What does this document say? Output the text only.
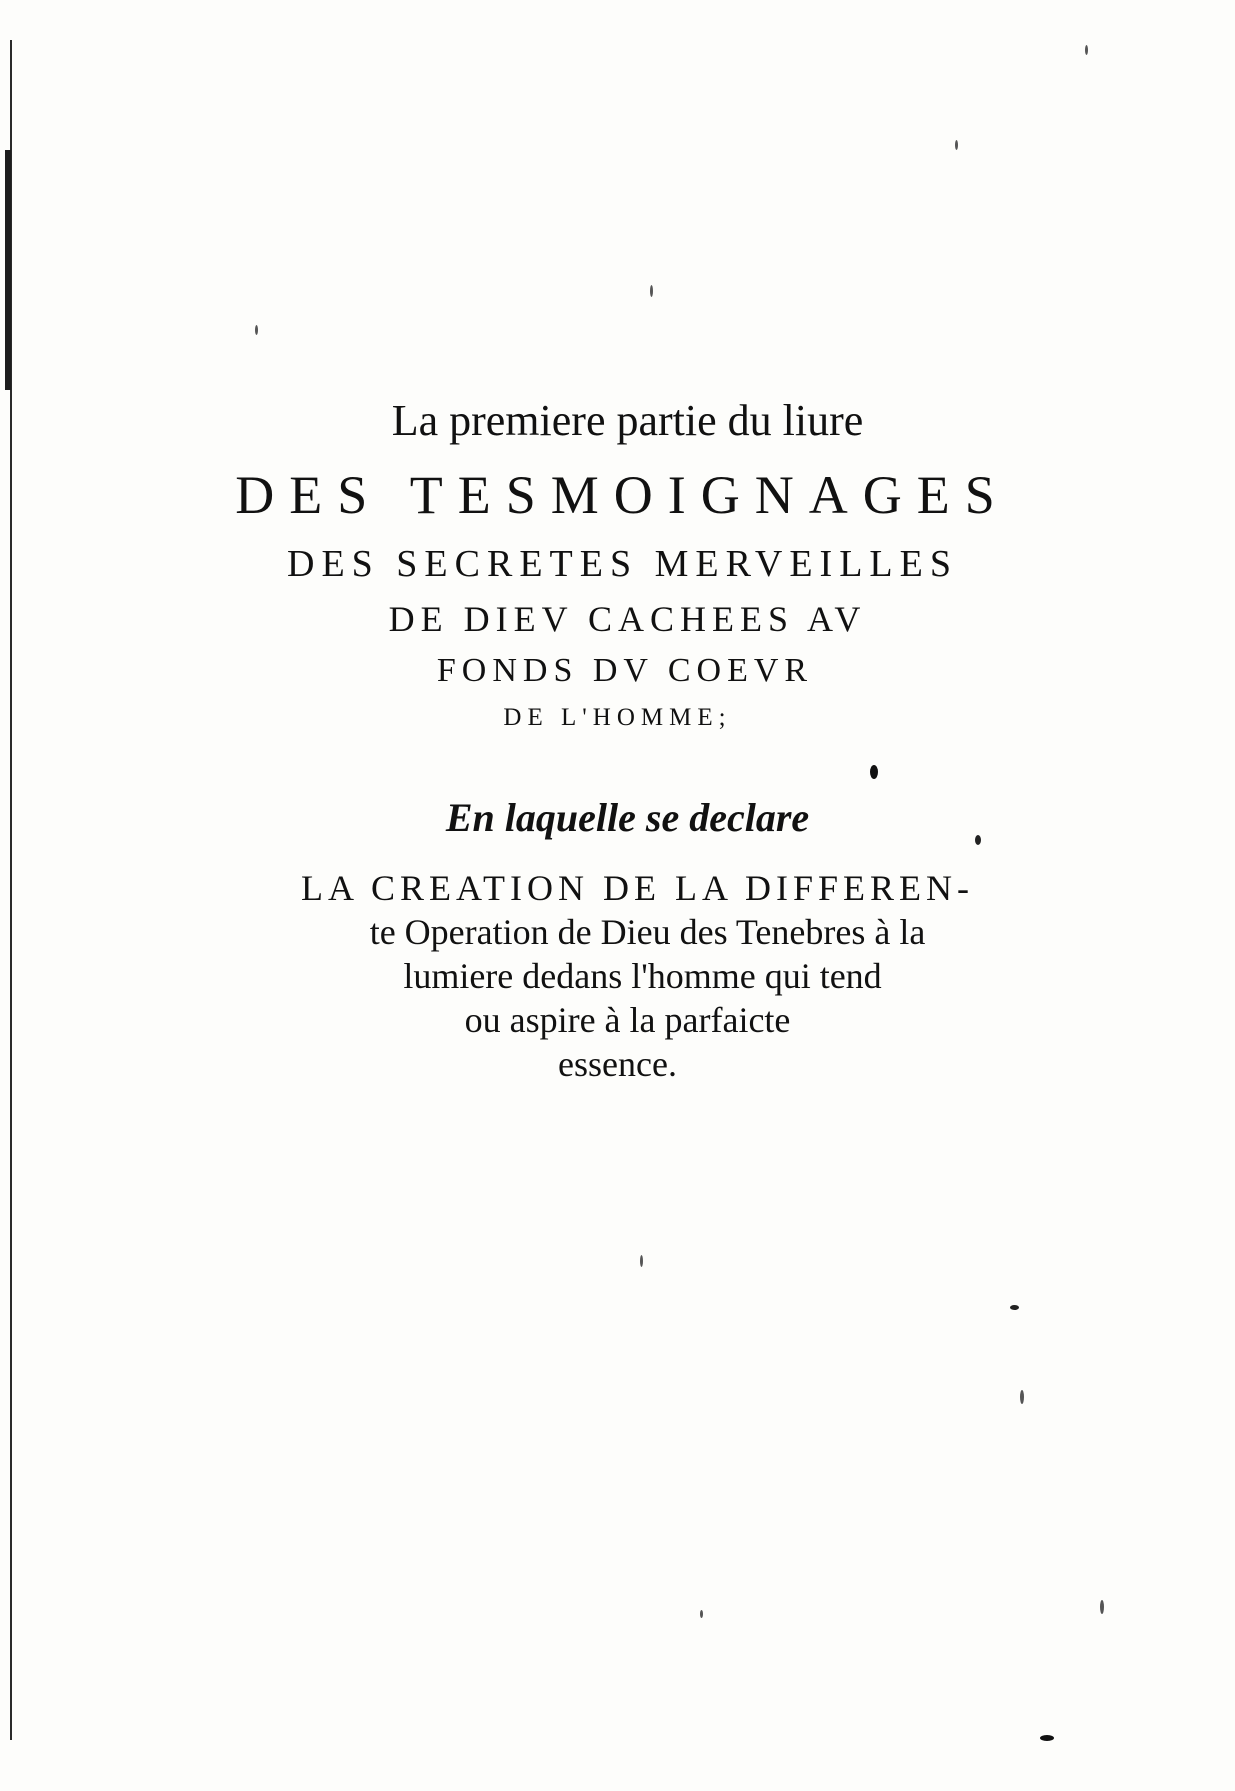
La premiere partie du liure
DES TESMOIGNAGES
DES SECRETES MERVEILLES
DE DIEV CACHEES AV
FONDS DV COEVR
DE L'HOMME;
En laquelle se declare
LA CREATION DE LA DIFFEREN-
te Operation de Dieu des Tenebres à la
lumiere dedans l'homme qui tend
ou aspire à la parfaicte
essence.
